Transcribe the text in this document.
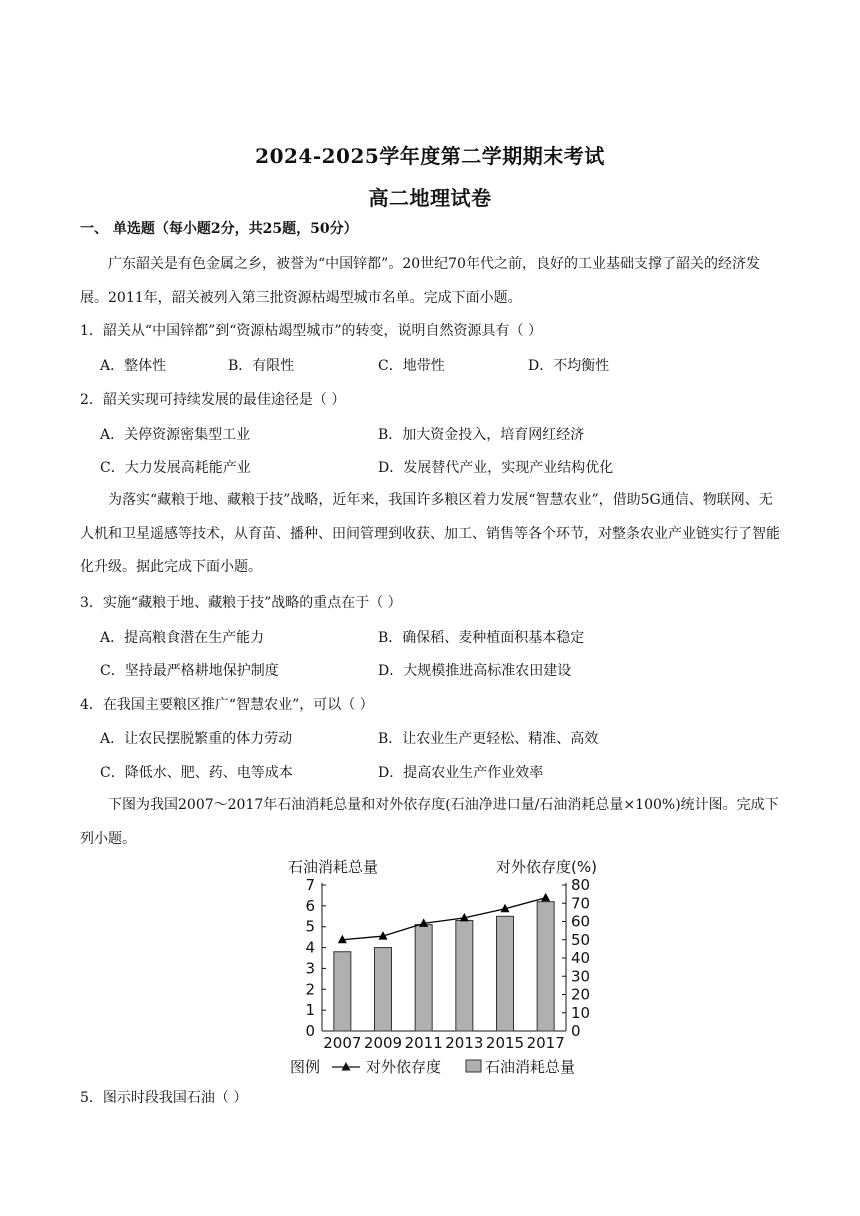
2024-2025学年度第二学期期末考试
高二地理试卷
一、 单选题（每小题2分，共25题，50分）
广东韶关是有色金属之乡，被誉为“中国锌都”。20世纪70年代之前，良好的工业基础支撑了韶关的经济发展。2011年，韶关被列入第三批资源枯竭型城市名单。完成下面小题。
1．韶关从“中国锌都”到“资源枯竭型城市”的转变，说明自然资源具有（ ）
A．整体性	B．有限性	C．地带性	D．不均衡性
2．韶关实现可持续发展的最佳途径是（ ）
A．关停资源密集型工业	B．加大资金投入，培育网红经济
C．大力发展高耗能产业	D．发展替代产业，实现产业结构优化
为落实“藏粮于地、藏粮于技”战略，近年来，我国许多粮区着力发展“智慧农业”，借助5G通信、物联网、无人机和卫星遥感等技术，从育苗、播种、田间管理到收获、加工、销售等各个环节，对整条农业产业链实行了智能化升级。据此完成下面小题。
3．实施“藏粮于地、藏粮于技”战略的重点在于（ ）
A．提高粮食潜在生产能力	B．确保稻、麦种植面积基本稳定
C．坚持最严格耕地保护制度	D．大规模推进高标准农田建设
4．在我国主要粮区推广“智慧农业”，可以（ ）
A．让农民摆脱繁重的体力劳动	B．让农业生产更轻松、精准、高效
C．降低水、肥、药、电等成本	D．提高农业生产作业效率
下图为我国2007～2017年石油消耗总量和对外依存度(石油净进口量/石油消耗总量×100%)统计图。完成下列小题。
石油消耗总量	对外依存度(%)
0
1
2
3
4
5
6
7
0
10
20
30
40
50
60
70
80
2007 2009 2011 2013 2015 2017
图例	对外依存度	石油消耗总量
5．图示时段我国石油（ ）
